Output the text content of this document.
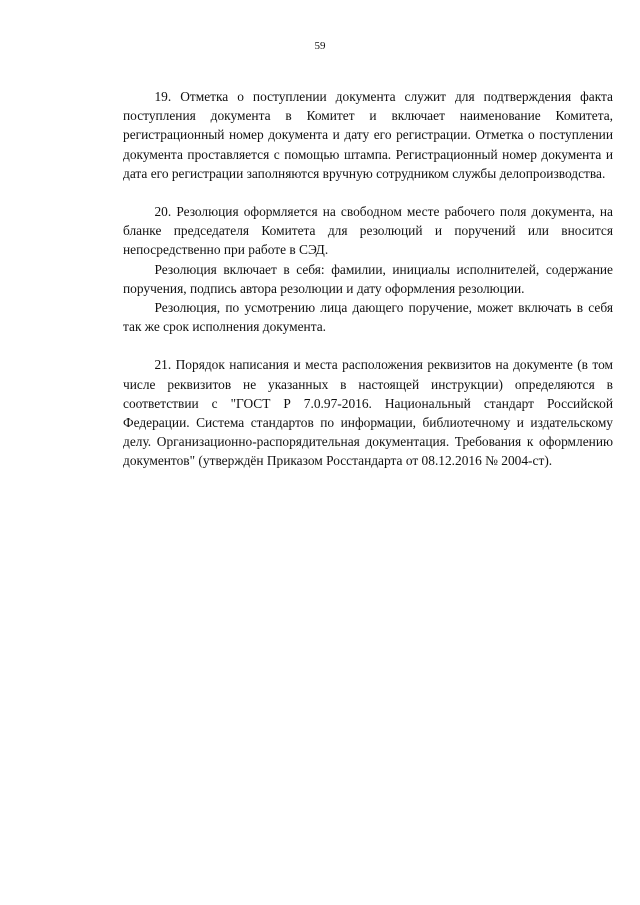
59

19. Отметка о поступлении документа служит для подтверждения факта поступления документа в Комитет и включает наименование Комитета, регистрационный номер документа и дату его регистрации. Отметка о поступлении документа проставляется с помощью штампа. Регистрационный номер документа и дата его регистрации заполняются вручную сотрудником службы делопроизводства.

20. Резолюция оформляется на свободном месте рабочего поля документа, на бланке председателя Комитета для резолюций и поручений или вносится непосредственно при работе в СЭД.

Резолюция включает в себя: фамилии, инициалы исполнителей, содержание поручения, подпись автора резолюции и дату оформления резолюции.

Резолюция, по усмотрению лица дающего поручение, может включать в себя так же срок исполнения документа.

21. Порядок написания и места расположения реквизитов на документе (в том числе реквизитов не указанных в настоящей инструкции) определяются в соответствии с "ГОСТ Р 7.0.97-2016. Национальный стандарт Российской Федерации. Система стандартов по информации, библиотечному и издательскому делу. Организационно-распорядительная документация. Требования к оформлению документов" (утверждён Приказом Росстандарта от 08.12.2016 № 2004-ст).
